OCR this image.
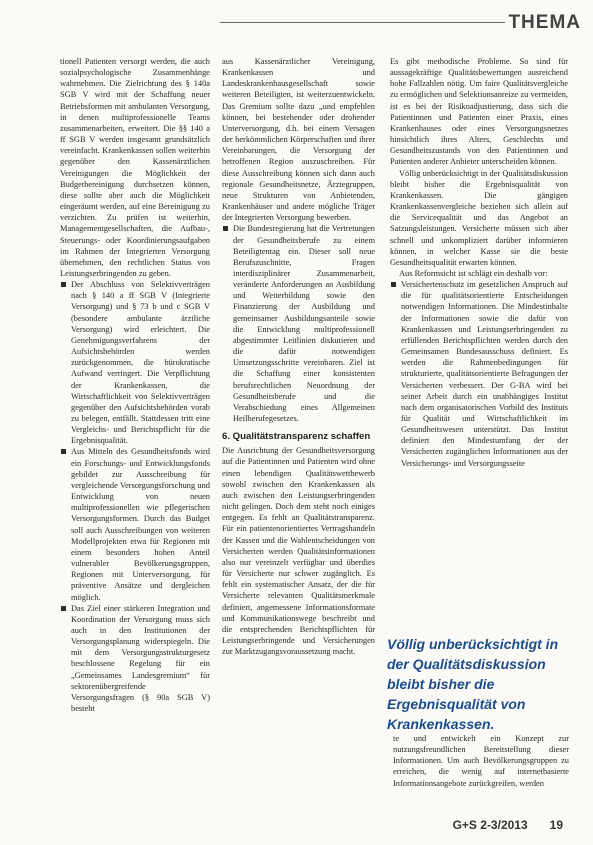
THEMA

tionell Patienten versorgt werden, die auch sozialpsychologische Zusammenhänge wahrnehmen. Die Zielrichtung des § 140a SGB V wird mit der Schaffung neuer Betriebsformen mit ambulanten Versorgung, in denen multiprofessionelle Teams zusammenarbeiten, erweitert. Die §§ 140 a ff SGB V werden insgesamt grundsätzlich vereinfacht. Krankenkassen sollen weiterhin gegenüber den Kassenärztlichen Vereinigungen die Möglichkeit der Budgetbereinigung durchsetzen können, diese sollte aber auch die Möglichkeit eingeräumt werden, auf eine Bereinigung zu verzichten. Zu prüfen ist weiterhin, Managementgesellschaften, die Aufbau-, Steuerungs- oder Koordinierungsaufgaben im Rahmen der Integrierten Versorgung übernehmen, den rechtlichen Status von Leistungserbringenden zu geben.

Der Abschluss von Selektivverträgen nach § 140 a ff SGB V (Integrierte Versorgung) und § 73 b und c SGB V (besondere ambulante ärztliche Versorgung) wird erleichtert. Die Genehmigungsverfahrens der Aufsichtsbehörden werden zurückgenommen, die bürokratische Aufwand verringert. Die Verpflichtung der Krankenkassen, die Wirtschaftlichkeit von Selektivverträgen gegenüber den Aufsichtsbehörden vorab zu belegen, entfällt. Stattdessen tritt eine Vergleichs- und Berichtspflicht für die Ergebnisqualität.
Aus Mitteln des Gesundheitsfonds wird ein Forschungs- und Entwicklungsfonds gebildet zur Ausschreibung für vergleichende Versorgungsforschung und Entwicklung von neuen multiprofessionellen wie pflegerischen Versorgungsformen. Durch das Budget soll auch Ausschreibungen von weiteren Modellprojekten etwa für Regionen mit einem besonders hohen Anteil vulnerabler Bevölkerungsgruppen, Regionen mit Unterversorgung, für präventive Ansätze und dergleichen möglich.
Das Ziel einer stärkeren Integration und Koordination der Versorgung muss sich auch in den Institutionen der Versorgungsplanung widerspiegeln. Die mit dem Versorgungsstrukturgesetz beschlossene Regelung für ein „Gemeinsames Landesgremium“ für sektorenübergreifende Versorgungsfragen (§ 90a SGB V) besteht

aus Kassenärztlicher Vereinigung, Krankenkassen und Landeskrankenhausgesellschaft sowie weiteren Beteiligten, ist weiterzuentwickeln. Das Gremium sollte dazu „und empfehlen können, bei bestehender oder drohender Unterversorgung, d.h. bei einem Versagen der herkömmlichen Körperschaften und ihrer Vereinbarungen, die Versorgung der betroffenen Region auszuschreiben. Für diese Ausschreibung können sich dann auch regionale Gesundheitsnetze, Ärztegruppen, neue Strukturen von Anbietenden, Krankenhäuser und andere mögliche Träger der Integrierten Versorgung bewerben.

Die Bundesregierung hat die Vertretungen der Gesundheitsberufe zu einem Beteiligtentag ein. Dieser soll neue Berufszuschnitte, Fragen interdisziplinärer Zusammenarbeit, veränderte Anforderungen an Ausbildung und Weiterbildung sowie den Finanzierung der Ausbildung und gemeinsamer Ausbildungsanteile sowie die Entwicklung multiprofessionell abgestimmter Leitlinien diskutieren und die dafür notwendigen Umsetzungsschritte vereinbaren. Ziel ist die Schaffung einer konsistenten berufsrechtlichen Neuordnung der Gesundheitsberufe und die Verabschiedung eines Allgemeinen Heilberufegesetzes.
6. Qualitätstransparenz schaffen

Die Ausrichtung der Gesundheitsversorgung auf die Patientinnen und Patienten wird ohne einen lebendigen Qualitätswettbewerb sowohl zwischen den Krankenkassen als auch zwischen den Leistungserbringenden nicht gelingen. Doch dem steht noch einiges entgegen. Es fehlt an Qualitätstransparenz. Für ein patientenorientiertes Vertragshandeln der Kassen und die Wahlentscheidungen von Versicherten werden Qualitätsinformationen also nur vereinzelt verfügbar und überdies für Versicherte nur schwer zugänglich. Es fehlt ein systematischer Ansatz, der die für Versicherte relevanten Qualitätsmerkmale definiert, angemessene Informationsformate und Kommunikationswege beschreibt und die entsprechenden Berichtspflichten für Leistungserbringende und Versicherungen zur Marktzugangsvoraussetzung macht.

Es gibt methodische Probleme. So sind für aussagekräftige Qualitätsbewertungen ausreichend hohe Fallzahlen nötig. Um faire Qualitätsvergleiche zu ermöglichen und Selektionsanreize zu vermeiden, ist es bei der Risikoadjustierung, dass sich die Patientinnen und Patienten einer Praxis, eines Krankenhauses oder eines Versorgungsnetzes hinsichtlich ihres Alters, Geschlechts und Gesundheitszustands von den Patientinnen und Patienten anderer Anbieter unterscheiden können.

Völlig unberücksichtigt in der Qualitätsdiskussion bleibt bisher die Ergebnisqualität von Krankenkassen. Die gängigen Krankenkassenvergleiche beziehen sich allein auf die Servicequalität und das Angebot an Satzungsleistungen. Versicherte müssen sich aber schnell und unkompliziert darüber informieren können, in welcher Kasse sie die beste Gesundheitsqualität erwarten können.

Aus Reformsicht ist schlägt ein deshalb vor:

Versichertenschutz im gesetzlichen Anspruch auf die für qualitätsorientierte Entscheidungen notwendigen Informationen. Die Mindestinhalte der Informationen sowie die dafür von Krankenkassen und Leistungserbringenden zu erfüllenden Berichtspflichten werden durch den Gemeinsamen Bundesausschuss definiert. Es werden die Rahmenbedingungen für strukturierte, qualitätsorientierte Befragungen der Versicherten verbessert. Der G-BA wird bei seiner Arbeit durch ein unabhängiges Institut nach dem organisatorischen Vorbild des Instituts für Qualität und Wirtschaftlichkeit im Gesundheitswesen unterstützt. Das Institut definiert den Mindestumfang der der Versicherten zugänglichen Informationen aus der Versicherungs- und Versorgungsseite
Völlig unberücksichtigt in der Qualitätsdiskussion bleibt bisher die Ergebnisqualität von Krankenkassen.
te und entwickelt ein Konzept zur nutzungsfreundlichen Bereitstellung dieser Informationen. Um auch Bevölkerungsgruppen zu erreichen, die wenig auf internetbasierte Informationsangebote zurückgreifen, werden
G+S 2-3/2013 19
